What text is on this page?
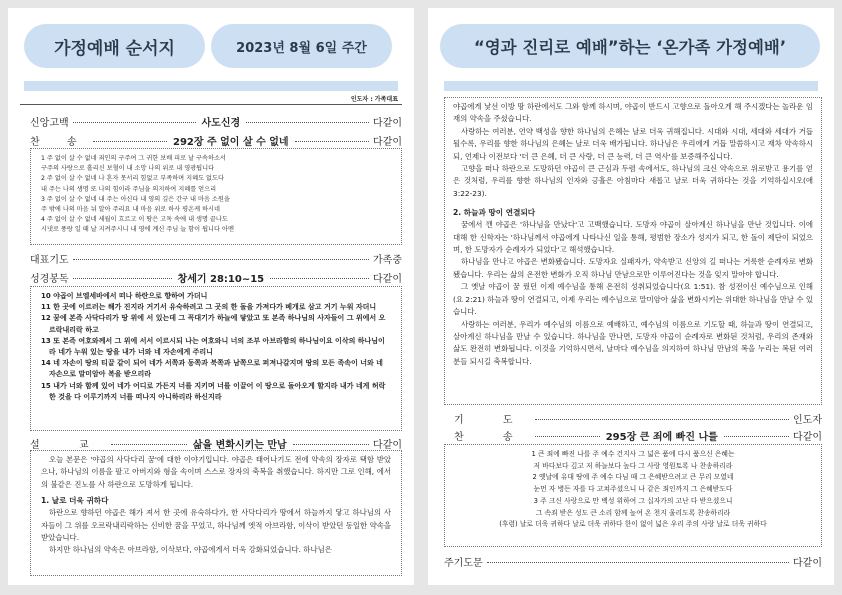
가정예배 순서지	2023년 8월 6일 주간
인도자 : 가족대표
신앙고백	사도신경	다같이
찬 송	292장 주 없이 살 수 없네	다같이
1 주 없이 살 수 없네 죄인의 구주여 그 귀한 보배 피로 날 구속하소서
구주의 사랑으로 흘리신 보혈이 내 소망 나의 위로 내 영광됩니다
2 주 없이 살 수 없네 나 혼자 못서리 힘없고 부족하며 지혜도 없도다
내 주는 나의 생명 또 나의 힘이라 주님을 의지하여 지혜를 얻으리
3 주 없이 살 수 없네 내 주는 아신다 내 영의 깊은 간구 내 마음 소원을
주 밖에 나의 마음 뉘 알아 주리요 내 마음 위로 하사 평온케 하시네
4 주 없이 살 수 없네 세월이 흐르고 이 땅은 고독 속에 내 생명 끝나도
시냇로 풍랑 일 때 날 지켜주시니 내 영에 계신 주님 늘 함이 됩니다 아멘
대표기도	가족중
성경봉독	창세기 28:10~15	다같이
10 야곱이 브엘세바에서 떠나 하란으로 향하여 가더니
11 한 곳에 이르러는 해가 진지라 거기서 유숙하려고 그 곳의 한 돌을 가져다가 베개로 삼고 거기 누워 자더니
12 꿈에 본즉 사닥다리가 땅 위에 서 있는데 그 꼭대기가 하늘에 닿았고 또 본즉 하나님의 사자들이 그 위에서 오르락내리락 하고
13 또 본즉 여호와께서 그 위에 서서 이르시되 나는 여호와니 너의 조부 아브라함의 하나님이요 이삭의 하나님이라 네가 누워 있는 땅을 내가 너와 네 자손에게 주리니
14 네 자손이 땅의 티끌 같이 되어 네가 서쪽과 동쪽과 북쪽과 남쪽으로 퍼져나갈지며 땅의 모든 족속이 너와 네 자손으로 말미암아 복을 받으리라
15 내가 너와 함께 있어 네가 어디로 가든지 너를 지키며 너를 이끌어 이 땅으로 돌아오게 할지라 내가 네게 허락한 것을 다 이루기까지 너를 떠나지 아니하리라 하신지라
설 교	삶을 변화시키는 만남	다같이

오늘 본문은 '야곱의 사닥다리 꿈'에 대한 이야기입니다. 야곱은 태어나기도 전에 약속의 장자로 택함 받았으나, 하나님의 이름을 팔고 아버지와 형을 속이며 스스로 장자의 축복을 취했습니다. 하지만 그로 인해, 에서의 불같은 진노를 사 하란으로 도망하게 됩니다.

1. 날로 더욱 귀하다

하란으로 향하던 야곱은 해가 져서 한 곳에 유숙하다가, 한 사닥다리가 땅에서 하늘까지 닿고 하나님의 사자들이 그 위를 오르락내리락하는 신비한 꿈을 꾸었고, 하나님께 엣적 아브라함, 이삭이 받았던 동일한 약속을 받았습니다.

하지만 하나님의 약속은 아브라함, 이삭보다, 야곱에게서 더욱 강화되었습니다. 하나님은

“영과 진리로 예배”하는 ‘온가족 가정예배’

야곱에게 낯선 이방 땅 하란에서도 그와 함께 하시며, 야곱이 반드시 고향으로 돌아오게 해 주시겠다는 놀라운 임재의 약속을 주셨습니다.

사랑하는 여러분, 언약 백성을 향한 하나님의 은혜는 날로 더욱 귀해집니다. 시대와 시대, 세대와 세대가 거듭될수록, 우리를 향한 하나님의 은혜는 날로 더욱 배가됩니다. 하나님은 우리에게 거듭 말씀하시고 재차 약속하시되, 언제나 이전보다 '더 큰 은혜, 더 큰 사랑, 더 큰 능력, 더 큰 역사'를 보증해주십니다.

고향을 떠나 하란으로 도망하던 야곱이 큰 근심과 두렴 속에서도, 하나님의 크신 약속으로 위로받고 용기를 얻은 것처럼, 우리를 향한 하나님의 인자와 긍휼은 아침마다 새롭고 날로 더욱 귀하다는 것을 기억하십시오(애 3:22-23).

2. 하늘과 땅이 연결되다

꿈에서 깬 야곱은 '하나님을 만났다'고 고백했습니다. 도망자 야곱이 살아계신 하나님을 만난 것입니다. 이에 대해 한 신학자는 '하나님께서 야곱에게 나타나신 일을 통해, 평범한 장소가 성지가 되고, 한 돌이 제단이 되었으며, 한 도망자가 순례자가 되었다'고 해석했습니다.

하나님을 만나고 야곱은 변화됐습니다. 도망자요 실패자가, 약속받고 신앙의 길 떠나는 거룩한 순례자로 변화됐습니다. 우리는 삶의 온전한 변화가 오직 하나님 만남으로만 이루어진다는 것을 잊지 말아야 합니다.

그 옛날 야곱이 꿈 꿨던 이제 예수님을 통해 온전히 성취되었습니다(요 1:51). 참 성전이신 예수님으로 인해(요 2:21) 하늘과 땅이 연결되고, 이제 우리는 예수님으로 말미암아 삶을 변화시키는 위대한 하나님을 만날 수 있습니다.

사랑하는 여러분, 우리가 예수님의 이름으로 예배하고, 예수님의 이름으로 기도할 때, 하늘과 땅이 연결되고, 살아계신 하나님을 만날 수 있습니다. 하나님을 만나면, 도망자 야곱이 순례자로 변화된 것처럼, 우리의 존재와 삶도 완전히 변화됩니다. 이것을 기억하시면서, 날마다 예수님을 의지하여 하나님 만남의 복을 누리는 복된 여러분들 되시길 축복합니다.

기 도	인도자
찬 송	295장 큰 죄에 빠진 나를	다같이
1 큰 죄에 빠진 나를 주 예수 건지사 그 넓은 품에 다시 품으신 은혜는
저 바다보다 깊고 저 하늘보다 높다 그 사랑 영원토록 나 찬송하리라
2 옛날에 유대 땅에 주 예수 다님 때 그 은혜받으려고 큰 무리 모였네
눈먼 자 병든 자를 다 고쳐주셨으니 나 같은 죄인까지 그 은혜받도다
3 주 크신 사랑으로 만 백성 위하여 그 십자가의 고난 다 받으셨으니
그 속죄 받은 성도 큰 소리 함께 높여 온 천지 울리도록 찬송하리라
(후렴) 날로 더욱 귀하다 날로 더욱 귀하다 한이 없이 넓은 우리 주의 사랑 날로 더욱 귀하다
주기도문	다같이
